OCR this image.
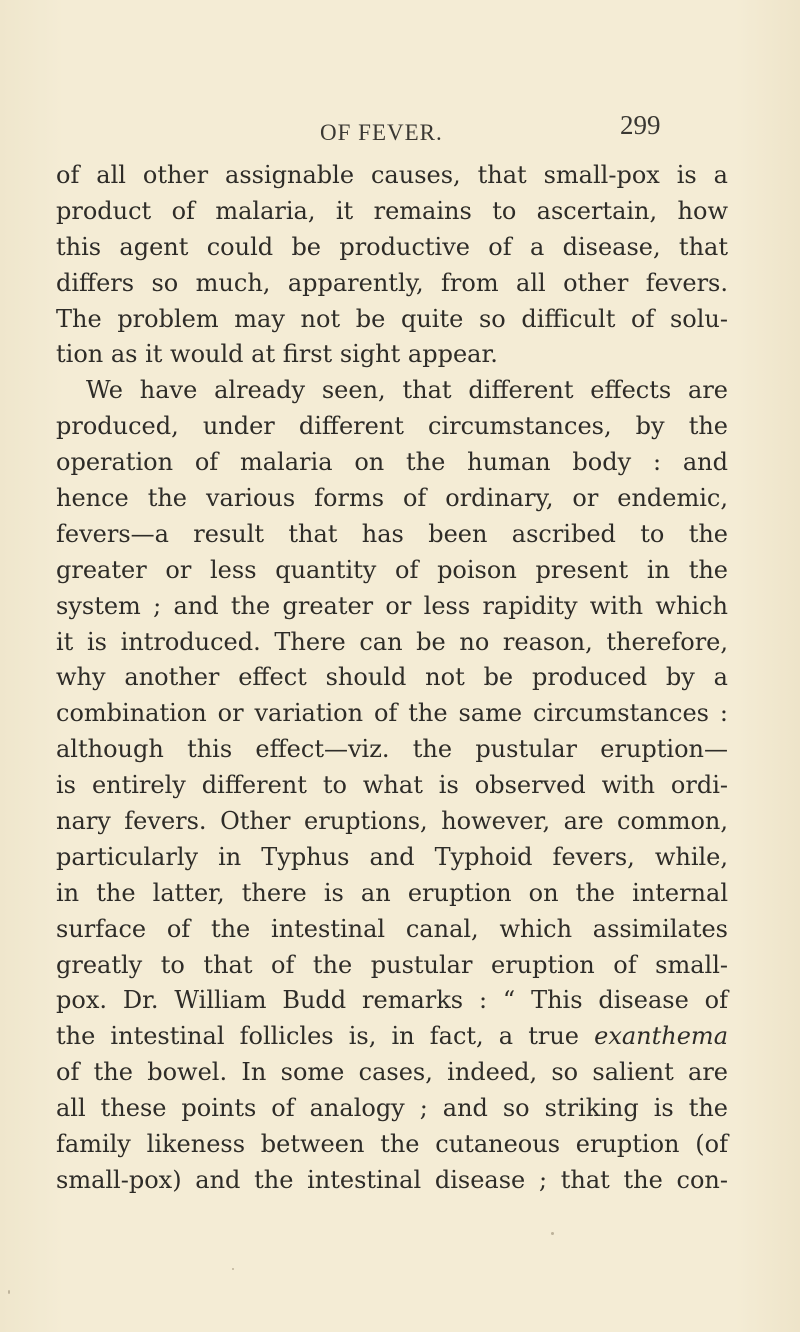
OF FEVER.	299
of all other assignable causes, that small-pox is a
product of malaria, it remains to ascertain, how
this agent could be productive of a disease, that
differs so much, apparently, from all other fevers.
The problem may not be quite so difficult of solu-
tion as it would at first sight appear.
We have already seen, that different effects are
produced, under different circumstances, by the
operation of malaria on the human body : and
hence the various forms of ordinary, or endemic,
fevers—a result that has been ascribed to the
greater or less quantity of poison present in the
system ; and the greater or less rapidity with which
it is introduced. There can be no reason, therefore,
why another effect should not be produced by a
combination or variation of the same circumstances :
although this effect—viz. the pustular eruption—
is entirely different to what is observed with ordi-
nary fevers. Other eruptions, however, are common,
particularly in Typhus and Typhoid fevers, while,
in the latter, there is an eruption on the internal
surface of the intestinal canal, which assimilates
greatly to that of the pustular eruption of small-
pox. Dr. William Budd remarks : “ This disease of
the intestinal follicles is, in fact, a true exanthema
of the bowel. In some cases, indeed, so salient are
all these points of analogy ; and so striking is the
family likeness between the cutaneous eruption (of
small-pox) and the intestinal disease ; that the con-
